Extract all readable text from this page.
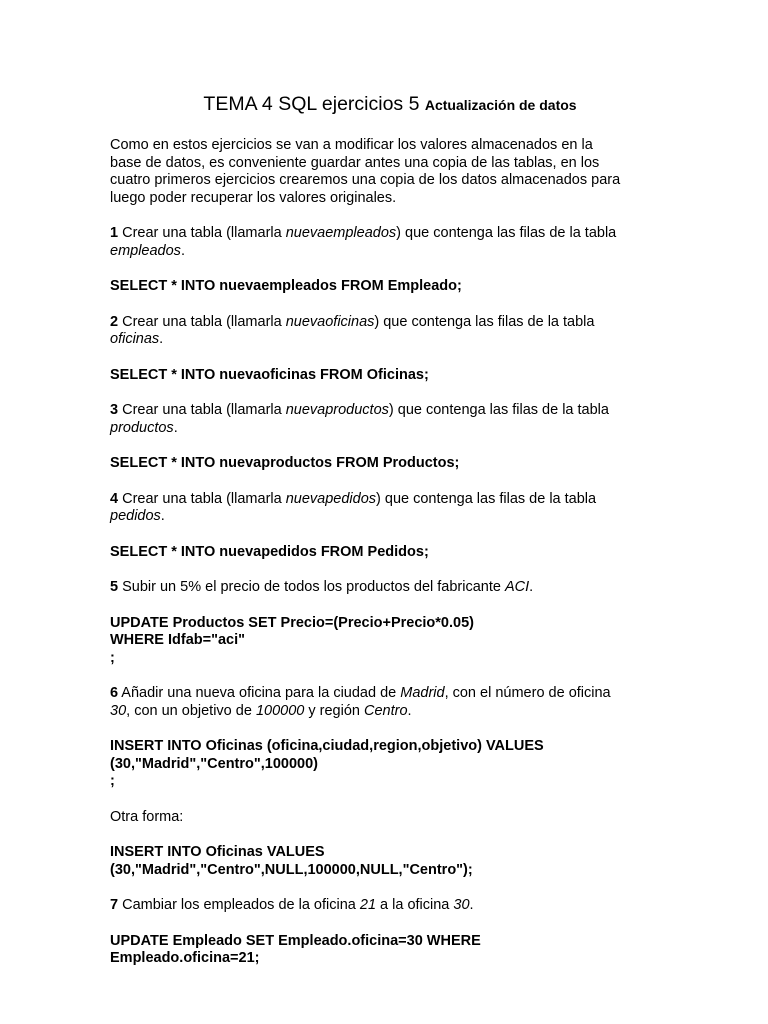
TEMA 4 SQL ejercicios 5 Actualización de datos

Como en estos ejercicios se van a modificar los valores almacenados en la
base de datos, es conveniente guardar antes una copia de las tablas, en los
cuatro primeros ejercicios crearemos una copia de los datos almacenados para
luego poder recuperar los valores originales.

1 Crear una tabla (llamarla nuevaempleados) que contenga las filas de la tabla
empleados.

SELECT * INTO nuevaempleados FROM Empleado;

2 Crear una tabla (llamarla nuevaoficinas) que contenga las filas de la tabla
oficinas.

SELECT * INTO nuevaoficinas FROM Oficinas;

3 Crear una tabla (llamarla nuevaproductos) que contenga las filas de la tabla
productos.

SELECT * INTO nuevaproductos FROM Productos;

4 Crear una tabla (llamarla nuevapedidos) que contenga las filas de la tabla
pedidos.

SELECT * INTO nuevapedidos FROM Pedidos;

5 Subir un 5% el precio de todos los productos del fabricante ACI.

UPDATE Productos SET Precio=(Precio+Precio*0.05)
WHERE Idfab="aci"
;

6 Añadir una nueva oficina para la ciudad de Madrid, con el número de oficina
30, con un objetivo de 100000 y región Centro.

INSERT INTO Oficinas (oficina,ciudad,region,objetivo) VALUES
(30,"Madrid","Centro",100000)
;

Otra forma:

INSERT INTO Oficinas VALUES
(30,"Madrid","Centro",NULL,100000,NULL,"Centro");

7 Cambiar los empleados de la oficina 21 a la oficina 30.

UPDATE Empleado SET Empleado.oficina=30 WHERE
Empleado.oficina=21;
